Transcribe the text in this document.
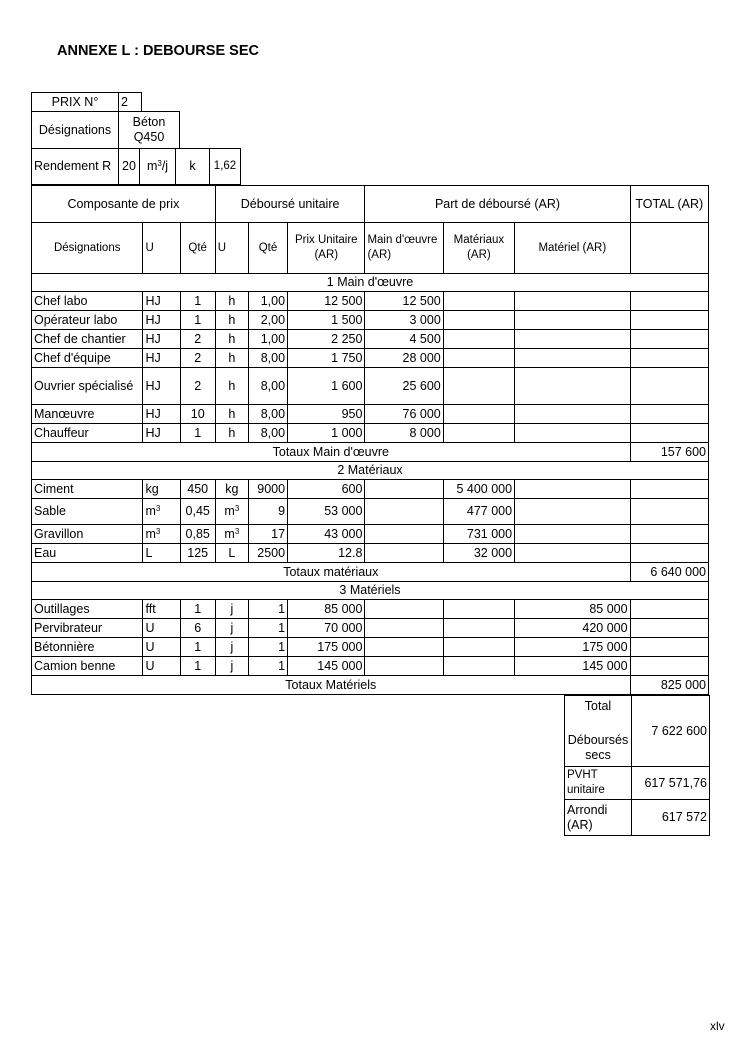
ANNEXE L : DEBOURSE SEC
PRIX N°	2	
Désignations	Béton Q450	
Rendement R	20	$m^3/j$	k	1,62
Composante de prix			Déboursé unitaire			Part de déboursé (AR)			TOTAL (AR)
Désignations	U	Qté	U	Qté	Prix Unitaire (AR)	Main d'œuvre (AR)	Matériaux (AR)	Matériel (AR)	
1 Main d'œuvre									
Chef labo	HJ	1	h	1,00	12 500	12 500			
Opérateur labo	HJ	1	h	2,00	1 500	3 000			
Chef de chantier	HJ	2	h	1,00	2 250	4 500			
Chef d'équipe	HJ	2	h	8,00	1 750	28 000			
Ouvrier spécialisé	HJ	2	h	8,00	1 600	25 600			
Manœuvre	HJ	10	h	8,00	950	76 000			
Chauffeur	HJ	1	h	8,00	1 000	8 000			
Totaux Main d'œuvre									157 600
2 Matériaux									
Ciment	kg	450	kg	9000	600		5 400 000		
Sable	$m^3$	0,45	$m^3$	9	53 000		477 000		
Gravillon	$m^3$	0,85	$m^3$	17	43 000		731 000		
Eau	L	125	L	2500	12.8		32 000		
Totaux matériaux									6 640 000
3 Matériels									
Outillages	fft	1	j	1	85 000			85 000	
Pervibrateur	U	6	j	1	70 000			420 000	
Bétonnière	U	1	j	1	175 000			175 000	
Camion benne	U	1	j	1	145 000			145 000	
Totaux Matériels									825 000
Total
Déboursés secs	7 622 600
PVHT unitaire	617 571,76
Arrondi (AR)	617 572
xlv
